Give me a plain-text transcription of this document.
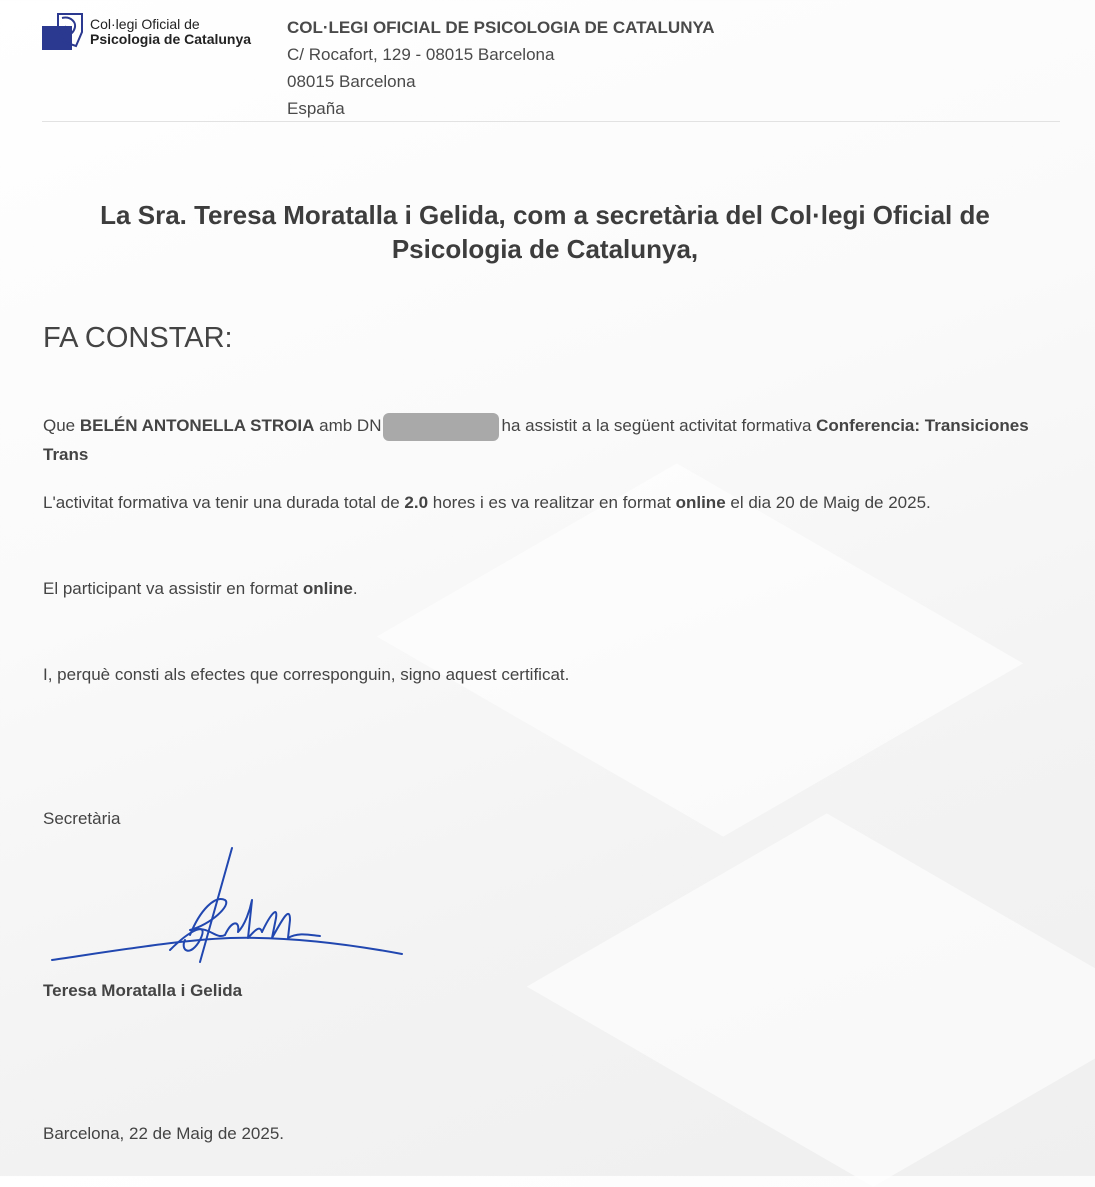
Col·legi Oficial de
Psicologia de Catalunya
COL·LEGI OFICIAL DE PSICOLOGIA DE CATALUNYA
C/ Rocafort, 129 - 08015 Barcelona
08015 Barcelona
España
La Sra. Teresa Moratalla i Gelida, com a secretària del Col·legi Oficial de Psicologia de Catalunya,
FA CONSTAR:
Que BELÉN ANTONELLA STROIA amb DN	ha assistit a la següent activitat formativa Conferencia: Transiciones Trans
L'activitat formativa va tenir una durada total de 2.0 hores i es va realitzar en format online el dia 20 de Maig de 2025.
El participant va assistir en format online.
I, perquè consti als efectes que corresponguin, signo aquest certificat.
Secretària
Teresa Moratalla i Gelida
Barcelona, 22 de Maig de 2025.
